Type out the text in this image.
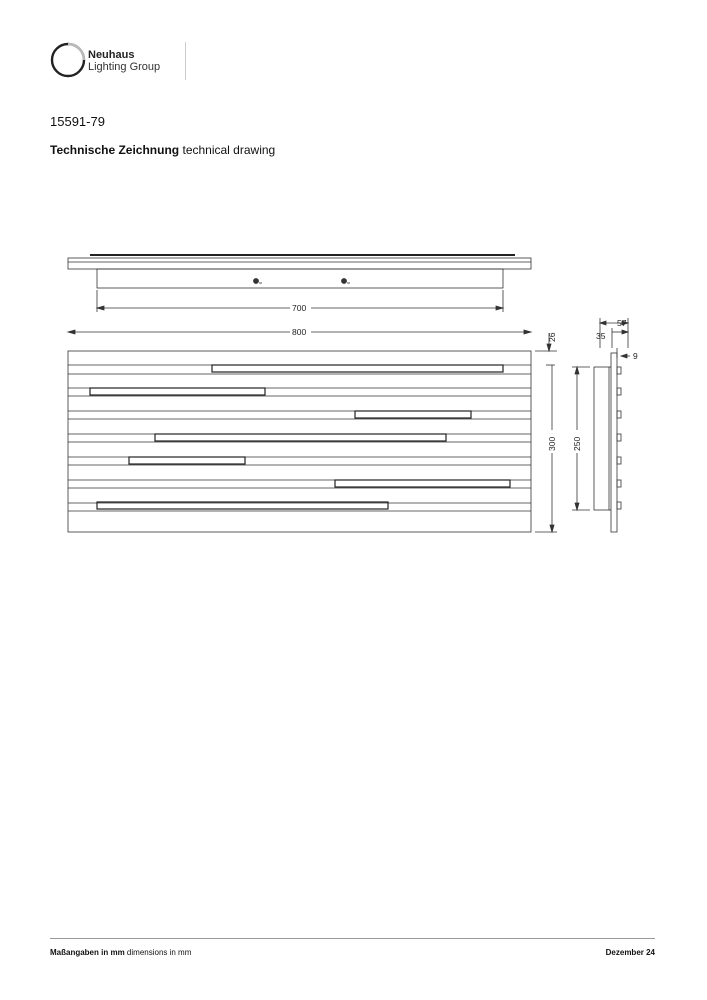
Neuhaus
Lighting Group
15591-79
Technische Zeichnung technical drawing
700
800
26
300 250
57
35
9
Maßangaben in mm dimensions in mm	Dezember 24
